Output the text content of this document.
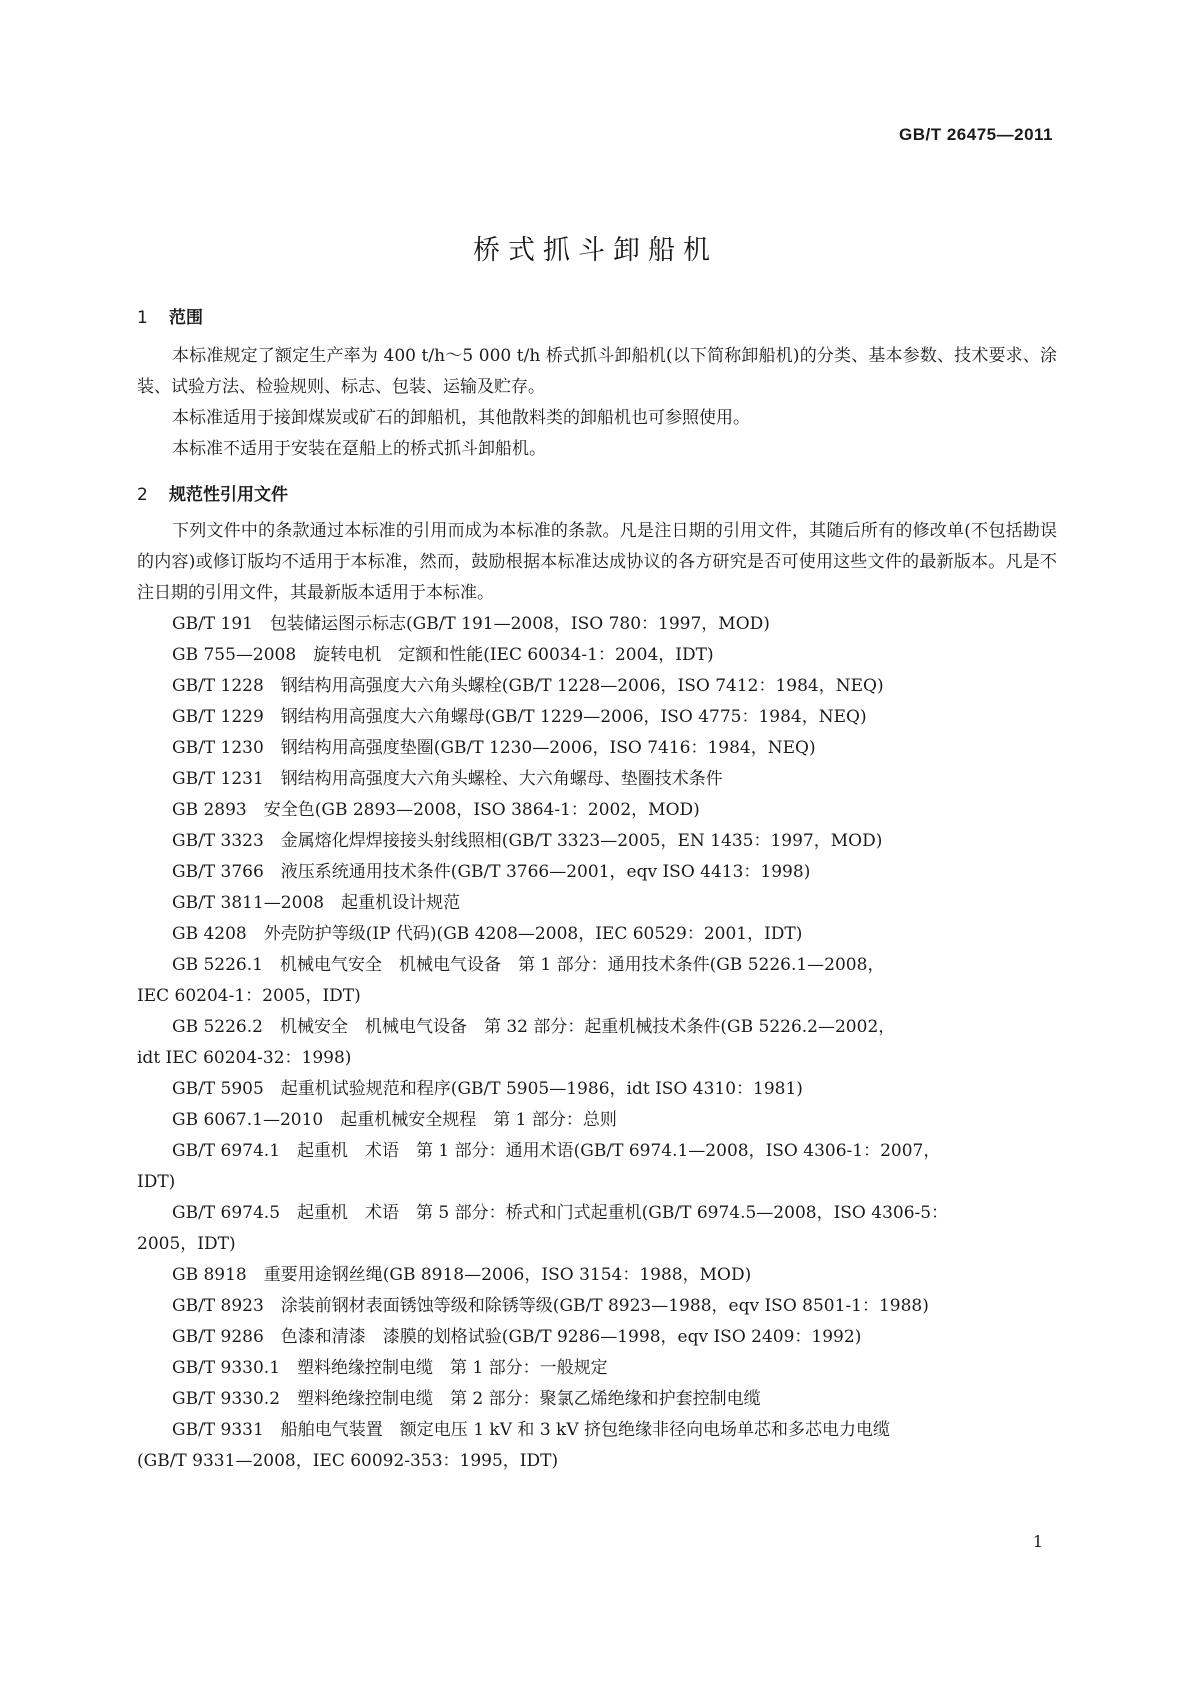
GB/T 26475—2011
桥式抓斗卸船机
1 范围

本标准规定了额定生产率为 400 t/h～5 000 t/h 桥式抓斗卸船机(以下简称卸船机)的分类、基本参数、技术要求、涂装、试验方法、检验规则、标志、包装、运输及贮存。

本标准适用于接卸煤炭或矿石的卸船机，其他散料类的卸船机也可参照使用。

本标准不适用于安装在趸船上的桥式抓斗卸船机。

2 规范性引用文件

下列文件中的条款通过本标准的引用而成为本标准的条款。凡是注日期的引用文件，其随后所有的修改单(不包括勘误的内容)或修订版均不适用于本标准，然而，鼓励根据本标准达成协议的各方研究是否可使用这些文件的最新版本。凡是不注日期的引用文件，其最新版本适用于本标准。

GB/T 191　包装储运图示标志(GB/T 191—2008，ISO 780：1997，MOD)

GB 755—2008　旋转电机　定额和性能(IEC 60034-1：2004，IDT)

GB/T 1228　钢结构用高强度大六角头螺栓(GB/T 1228—2006，ISO 7412：1984，NEQ)

GB/T 1229　钢结构用高强度大六角螺母(GB/T 1229—2006，ISO 4775：1984，NEQ)

GB/T 1230　钢结构用高强度垫圈(GB/T 1230—2006，ISO 7416：1984，NEQ)

GB/T 1231　钢结构用高强度大六角头螺栓、大六角螺母、垫圈技术条件

GB 2893　安全色(GB 2893—2008，ISO 3864-1：2002，MOD)

GB/T 3323　金属熔化焊焊接接头射线照相(GB/T 3323—2005，EN 1435：1997，MOD)

GB/T 3766　液压系统通用技术条件(GB/T 3766—2001，eqv ISO 4413：1998)

GB/T 3811—2008　起重机设计规范

GB 4208　外壳防护等级(IP 代码)(GB 4208—2008，IEC 60529：2001，IDT)

GB 5226.1　机械电气安全　机械电气设备　第 1 部分：通用技术条件(GB 5226.1—2008，
IEC 60204-1：2005，IDT)

GB 5226.2　机械安全　机械电气设备　第 32 部分：起重机械技术条件(GB 5226.2—2002，
idt IEC 60204-32：1998)

GB/T 5905　起重机试验规范和程序(GB/T 5905—1986，idt ISO 4310：1981)

GB 6067.1—2010　起重机械安全规程　第 1 部分：总则

GB/T 6974.1　起重机　术语　第 1 部分：通用术语(GB/T 6974.1—2008，ISO 4306-1：2007，
IDT)

GB/T 6974.5　起重机　术语　第 5 部分：桥式和门式起重机(GB/T 6974.5—2008，ISO 4306-5：
2005，IDT)

GB 8918　重要用途钢丝绳(GB 8918—2006，ISO 3154：1988，MOD)

GB/T 8923　涂装前钢材表面锈蚀等级和除锈等级(GB/T 8923—1988，eqv ISO 8501-1：1988)

GB/T 9286　色漆和清漆　漆膜的划格试验(GB/T 9286—1998，eqv ISO 2409：1992)

GB/T 9330.1　塑料绝缘控制电缆　第 1 部分：一般规定

GB/T 9330.2　塑料绝缘控制电缆　第 2 部分：聚氯乙烯绝缘和护套控制电缆

GB/T 9331　船舶电气装置　额定电压 1 kV 和 3 kV 挤包绝缘非径向电场单芯和多芯电力电缆
(GB/T 9331—2008，IEC 60092-353：1995，IDT)

1
